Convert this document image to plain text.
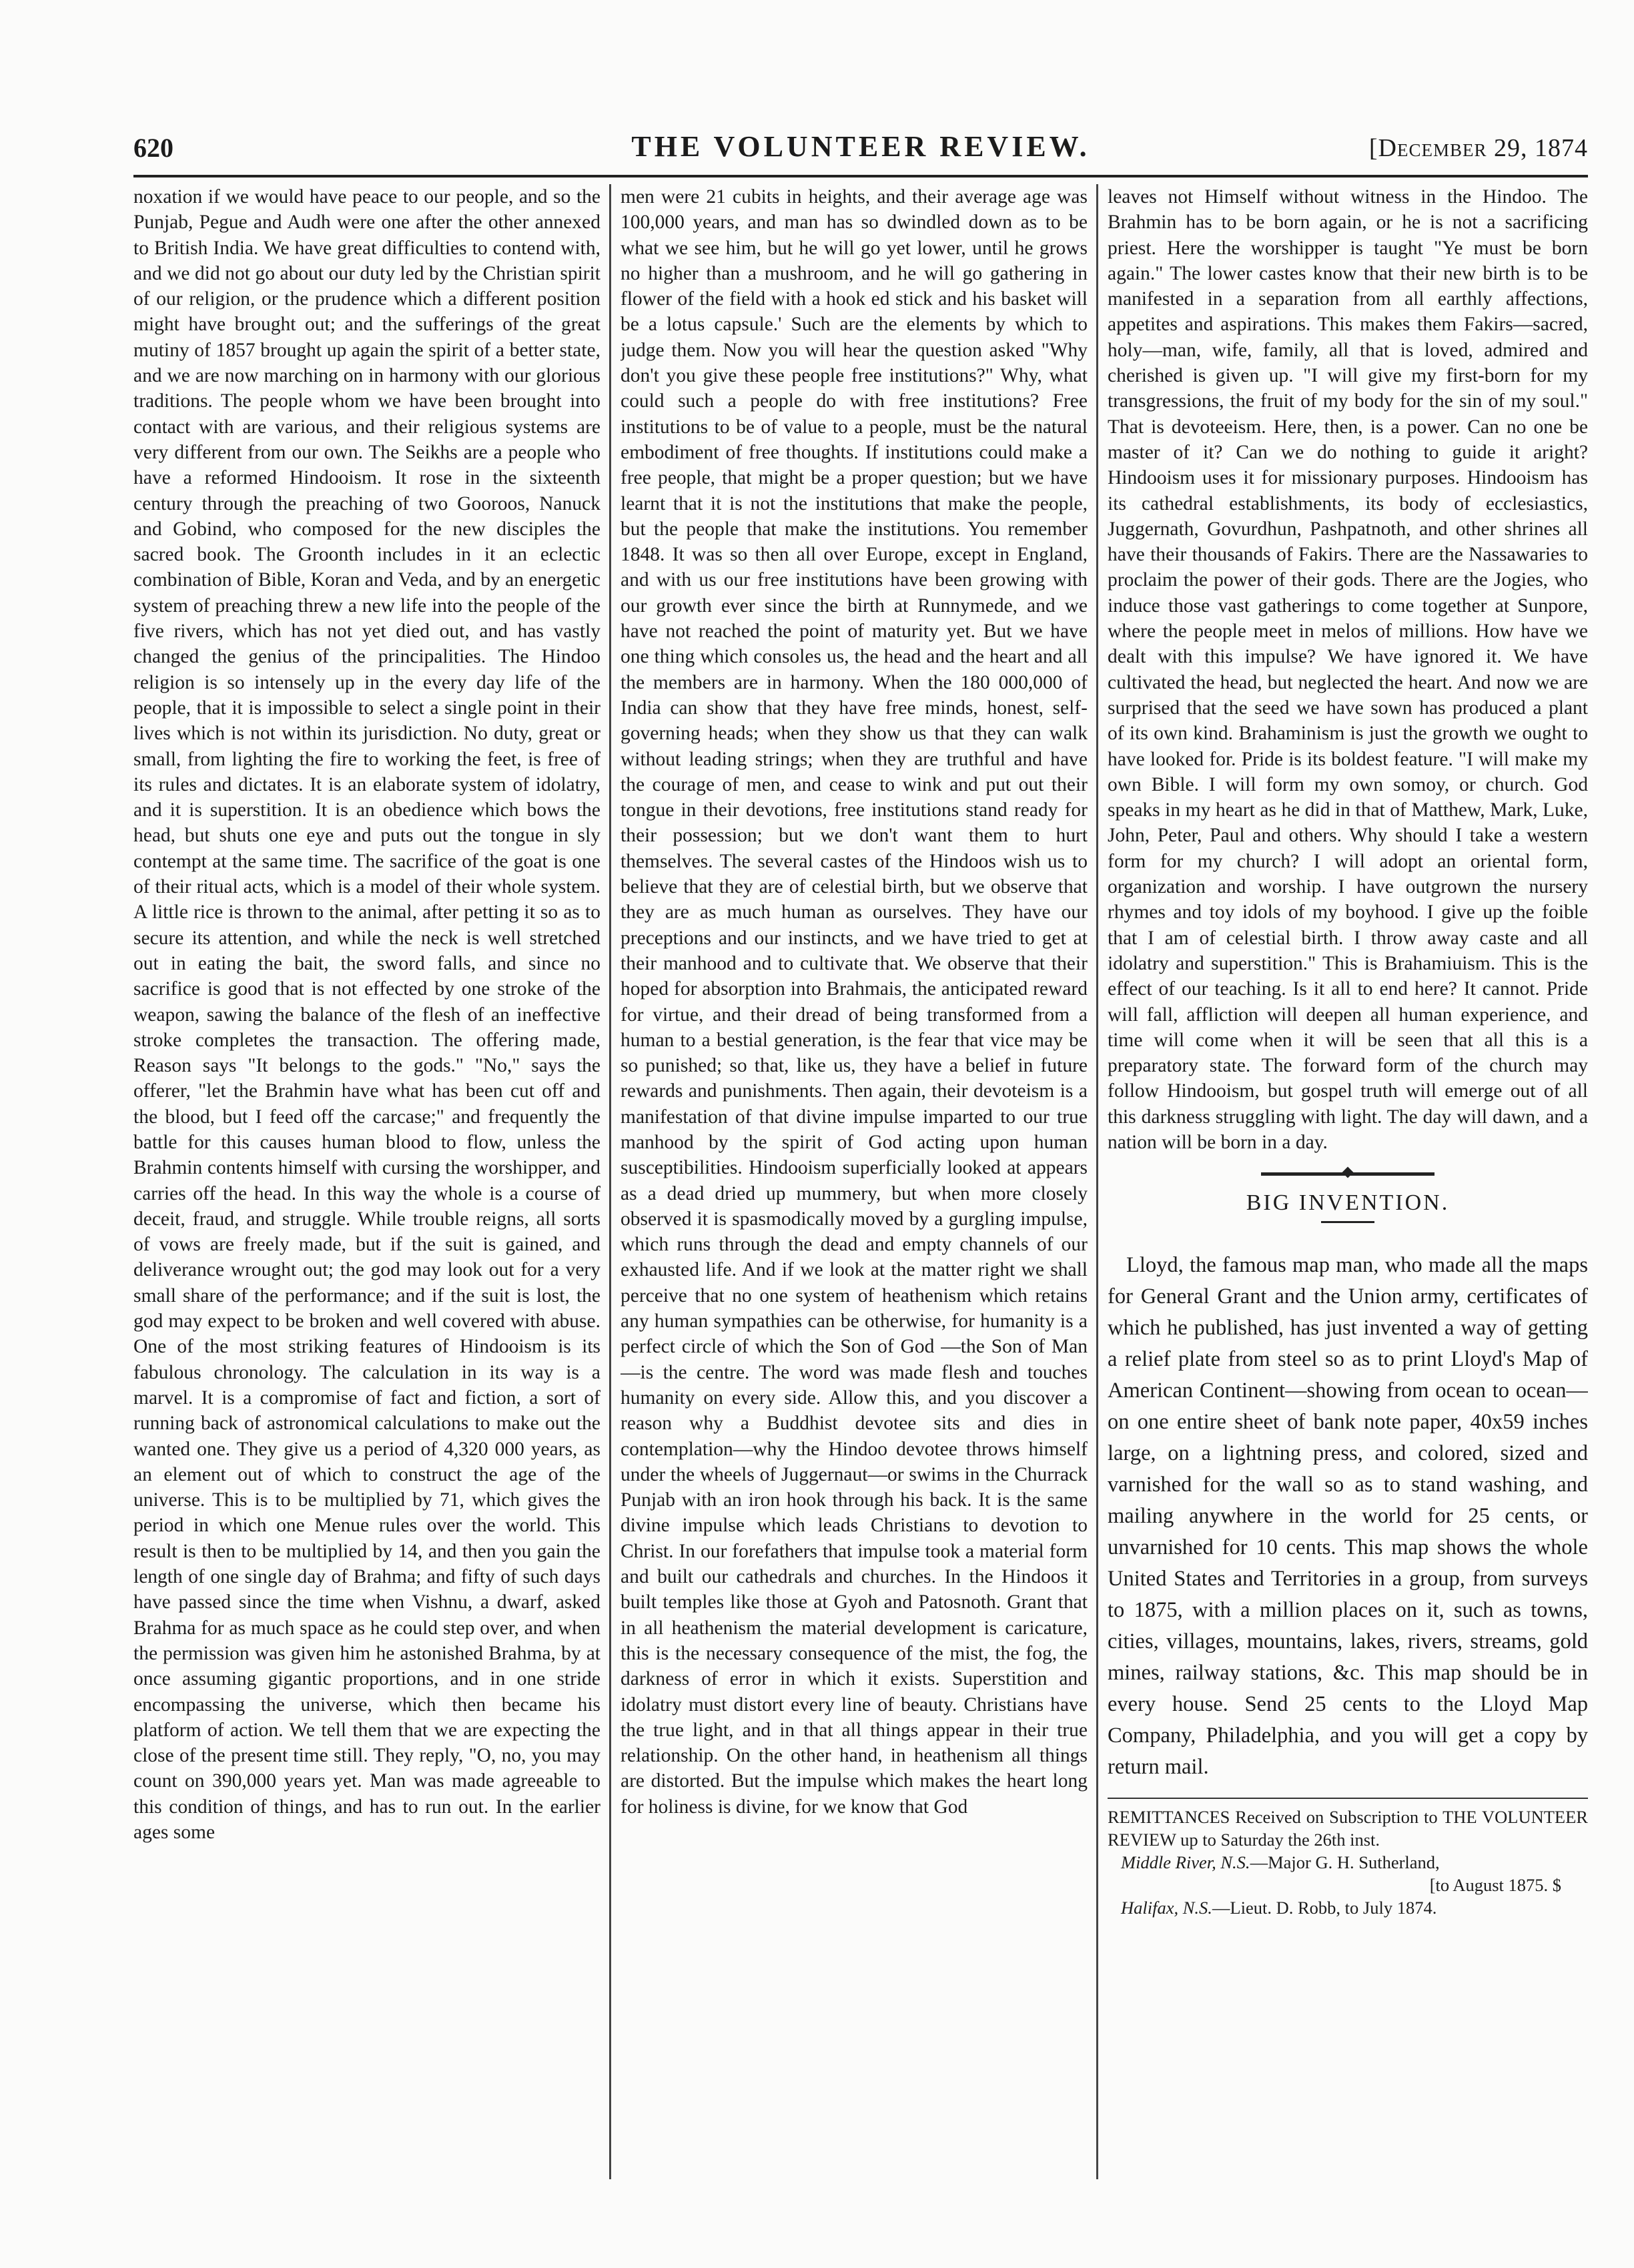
620	THE VOLUNTEER REVIEW.	[December 29, 1874

noxation if we would have peace to our people, and so the Punjab, Pegue and Audh were one after the other annexed to British India. We have great difficulties to contend with, and we did not go about our duty led by the Christian spirit of our religion, or the prudence which a different position might have brought out; and the sufferings of the great mutiny of 1857 brought up again the spirit of a better state, and we are now marching on in harmony with our glorious traditions. The people whom we have been brought into contact with are various, and their religious systems are very different from our own. The Seikhs are a people who have a reformed Hindooism. It rose in the sixteenth century through the preaching of two Gooroos, Nanuck and Gobind, who composed for the new disciples the sacred book. The Groonth includes in it an eclectic combination of Bible, Koran and Veda, and by an energetic system of preaching threw a new life into the people of the five rivers, which has not yet died out, and has vastly changed the genius of the principalities. The Hindoo religion is so intensely up in the every day life of the people, that it is impossible to select a single point in their lives which is not within its jurisdiction. No duty, great or small, from lighting the fire to working the feet, is free of its rules and dictates. It is an elaborate system of idolatry, and it is superstition. It is an obedience which bows the head, but shuts one eye and puts out the tongue in sly contempt at the same time. The sacrifice of the goat is one of their ritual acts, which is a model of their whole system. A little rice is thrown to the animal, after petting it so as to secure its attention, and while the neck is well stretched out in eating the bait, the sword falls, and since no sacrifice is good that is not effected by one stroke of the weapon, sawing the balance of the flesh of an ineffective stroke completes the transaction. The offering made, Reason says "It belongs to the gods." "No," says the offerer, "let the Brahmin have what has been cut off and the blood, but I feed off the carcase;" and frequently the battle for this causes human blood to flow, unless the Brahmin contents himself with cursing the worshipper, and carries off the head. In this way the whole is a course of deceit, fraud, and struggle. While trouble reigns, all sorts of vows are freely made, but if the suit is gained, and deliverance wrought out; the god may look out for a very small share of the performance; and if the suit is lost, the god may expect to be broken and well covered with abuse. One of the most striking features of Hindooism is its fabulous chronology. The calculation in its way is a marvel. It is a compromise of fact and fiction, a sort of running back of astronomical calculations to make out the wanted one. They give us a period of 4,320 000 years, as an element out of which to construct the age of the universe. This is to be multiplied by 71, which gives the period in which one Menue rules over the world. This result is then to be multiplied by 14, and then you gain the length of one single day of Brahma; and fifty of such days have passed since the time when Vishnu, a dwarf, asked Brahma for as much space as he could step over, and when the permission was given him he astonished Brahma, by at once assuming gigantic proportions, and in one stride encompassing the universe, which then became his platform of action. We tell them that we are expecting the close of the present time still. They reply, "O, no, you may count on 390,000 years yet. Man was made agreeable to this condition of things, and has to run out. In the earlier ages some

men were 21 cubits in heights, and their average age was 100,000 years, and man has so dwindled down as to be what we see him, but he will go yet lower, until he grows no higher than a mushroom, and he will go gathering in flower of the field with a hook ed stick and his basket will be a lotus capsule.' Such are the elements by which to judge them. Now you will hear the question asked "Why don't you give these people free institutions?" Why, what could such a people do with free institutions? Free institutions to be of value to a people, must be the natural embodiment of free thoughts. If institutions could make a free people, that might be a proper question; but we have learnt that it is not the institutions that make the people, but the people that make the institutions. You remember 1848. It was so then all over Europe, except in England, and with us our free institutions have been growing with our growth ever since the birth at Runnymede, and we have not reached the point of maturity yet. But we have one thing which consoles us, the head and the heart and all the members are in harmony. When the 180 000,000 of India can show that they have free minds, honest, self-governing heads; when they show us that they can walk without leading strings; when they are truthful and have the courage of men, and cease to wink and put out their tongue in their devotions, free institutions stand ready for their possession; but we don't want them to hurt themselves. The several castes of the Hindoos wish us to believe that they are of celestial birth, but we observe that they are as much human as ourselves. They have our preceptions and our instincts, and we have tried to get at their manhood and to cultivate that. We observe that their hoped for absorption into Brahmais, the anticipated reward for virtue, and their dread of being transformed from a human to a bestial generation, is the fear that vice may be so punished; so that, like us, they have a belief in future rewards and punishments. Then again, their devoteism is a manifestation of that divine impulse imparted to our true manhood by the spirit of God acting upon human susceptibilities. Hindooism superficially looked at appears as a dead dried up mummery, but when more closely observed it is spasmodically moved by a gurgling impulse, which runs through the dead and empty channels of our exhausted life. And if we look at the matter right we shall perceive that no one system of heathenism which retains any human sympathies can be otherwise, for humanity is a perfect circle of which the Son of God —the Son of Man—is the centre. The word was made flesh and touches humanity on every side. Allow this, and you discover a reason why a Buddhist devotee sits and dies in contemplation—why the Hindoo devotee throws himself under the wheels of Juggernaut—or swims in the Churrack Punjab with an iron hook through his back. It is the same divine impulse which leads Christians to devotion to Christ. In our forefathers that impulse took a material form and built our cathedrals and churches. In the Hindoos it built temples like those at Gyoh and Patosnoth. Grant that in all heathenism the material development is caricature, this is the necessary consequence of the mist, the fog, the darkness of error in which it exists. Superstition and idolatry must distort every line of beauty. Christians have the true light, and in that all things appear in their true relationship. On the other hand, in heathenism all things are distorted. But the impulse which makes the heart long for holiness is divine, for we know that God

leaves not Himself without witness in the Hindoo. The Brahmin has to be born again, or he is not a sacrificing priest. Here the worshipper is taught "Ye must be born again." The lower castes know that their new birth is to be manifested in a separation from all earthly affections, appetites and aspirations. This makes them Fakirs—sacred, holy—man, wife, family, all that is loved, admired and cherished is given up. "I will give my first-born for my transgressions, the fruit of my body for the sin of my soul." That is devoteeism. Here, then, is a power. Can no one be master of it? Can we do nothing to guide it aright? Hindooism uses it for missionary purposes. Hindooism has its cathedral establishments, its body of ecclesiastics, Juggernath, Govurdhun, Pashpatnoth, and other shrines all have their thousands of Fakirs. There are the Nassawaries to proclaim the power of their gods. There are the Jogies, who induce those vast gatherings to come together at Sunpore, where the people meet in melos of millions. How have we dealt with this impulse? We have ignored it. We have cultivated the head, but neglected the heart. And now we are surprised that the seed we have sown has produced a plant of its own kind. Brahaminism is just the growth we ought to have looked for. Pride is its boldest feature. "I will make my own Bible. I will form my own somoy, or church. God speaks in my heart as he did in that of Matthew, Mark, Luke, John, Peter, Paul and others. Why should I take a western form for my church? I will adopt an oriental form, organization and worship. I have outgrown the nursery rhymes and toy idols of my boyhood. I give up the foible that I am of celestial birth. I throw away caste and all idolatry and superstition." This is Brahamiuism. This is the effect of our teaching. Is it all to end here? It cannot. Pride will fall, affliction will deepen all human experience, and time will come when it will be seen that all this is a preparatory state. The forward form of the church may follow Hindooism, but gospel truth will emerge out of all this darkness struggling with light. The day will dawn, and a nation will be born in a day.

BIG INVENTION.

Lloyd, the famous map man, who made all the maps for General Grant and the Union army, certificates of which he published, has just invented a way of getting a relief plate from steel so as to print Lloyd's Map of American Continent—showing from ocean to ocean—on one entire sheet of bank note paper, 40x59 inches large, on a lightning press, and colored, sized and varnished for the wall so as to stand washing, and mailing anywhere in the world for 25 cents, or unvarnished for 10 cents. This map shows the whole United States and Territories in a group, from surveys to 1875, with a million places on it, such as towns, cities, villages, mountains, lakes, rivers, streams, gold mines, railway stations, &c. This map should be in every house. Send 25 cents to the Lloyd Map Company, Philadelphia, and you will get a copy by return mail.

REMITTANCES Received on Subscription to THE VOLUNTEER REVIEW up to Saturday the 26th inst.

Middle River, N.S.—Major G. H. Sutherland,

[to August 1875. $

Halifax, N.S.—Lieut. D. Robb, to July 1874.
